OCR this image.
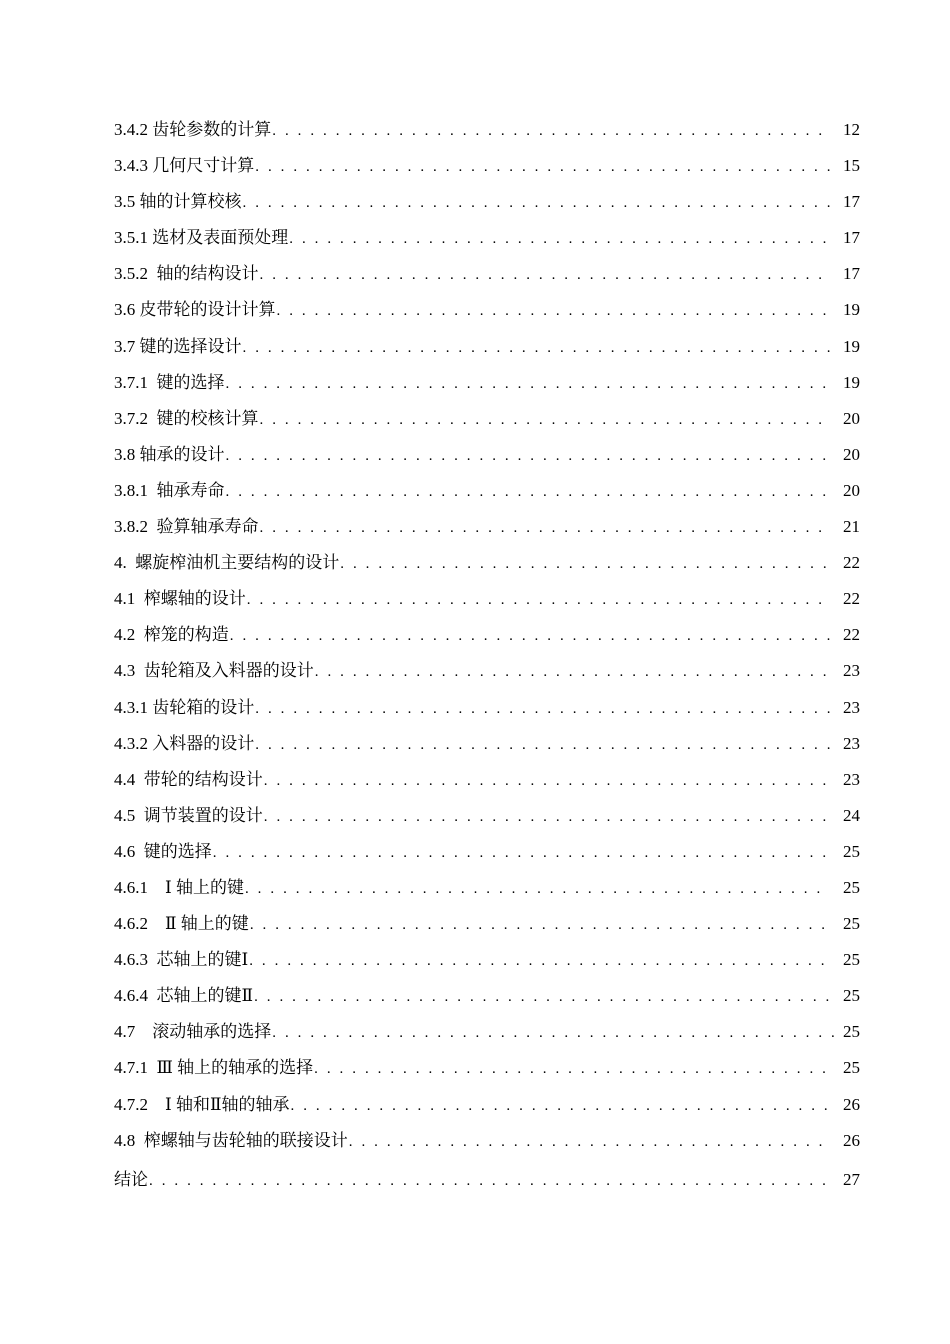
3.4.2 齿轮参数的计算 . . .	12
3.4.3 几何尺寸计算 . . .	15
3.5 轴的计算校核 . . .	17
3.5.1 选材及表面预处理 . . .	17
3.5.2  轴的结构设计 . . .	17
3.6 皮带轮的设计计算 . . .	19
3.7 键的选择设计 . . .	19
3.7.1  键的选择 . . .	19
3.7.2  键的校核计算 . . .	20
3.8 轴承的设计 . . .	20
3.8.1  轴承寿命 . . .	20
3.8.2  验算轴承寿命 . . .	21
4.  螺旋榨油机主要结构的设计 . . .	22
4.1  榨螺轴的设计 . . .	22
4.2  榨笼的构造 . . .	22
4.3  齿轮箱及入料器的设计 . . .	23
4.3.1 齿轮箱的设计 . . .	23
4.3.2 入料器的设计 . . .	23
4.4  带轮的结构设计 . . .	23
4.5  调节装置的设计 . . .	24
4.6  键的选择 . . .	25
4.6.1    Ⅰ 轴上的键 . . .	25
4.6.2    Ⅱ 轴上的键 . . .	25
4.6.3  芯轴上的键Ⅰ . . .	25
4.6.4  芯轴上的键Ⅱ . . .	25
4.7    滚动轴承的选择 . . .	25
4.7.1  Ⅲ 轴上的轴承的选择 . . .	25
4.7.2    Ⅰ 轴和Ⅱ轴的轴承 . . .	26
4.8  榨螺轴与齿轮轴的联接设计 . . .	26
结论 . . .	27
